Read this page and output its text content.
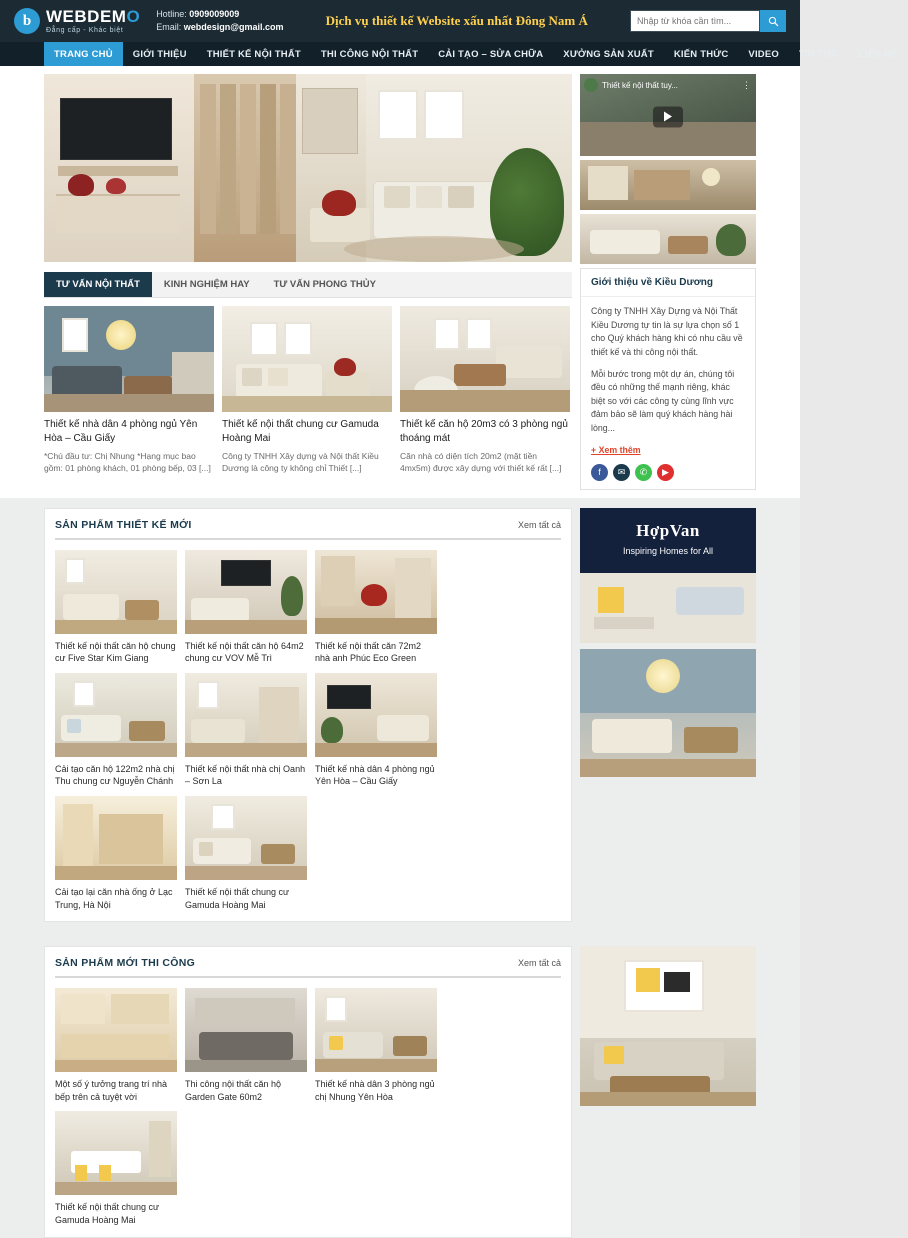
b WEBDEMO
Đẳng cấp - Khác biệt
Hotline: 0909009009
Email: webdesign@gmail.com	Dịch vụ thiết kế Website xấu nhất Đông Nam Á
Nhập từ khóa cần tìm...
TRANG CHỦ	GIỚI THIỆU	THIẾT KẾ NỘI THẤT	THI CÔNG NỘI THẤT	CẢI TẠO – SỬA CHỮA	XƯỞNG SẢN XUẤT	KIẾN THỨC	VIDEO	TIN TỨC	LIÊN HỆ
TƯ VẤN NỘI THẤT	KINH NGHIỆM HAY	TƯ VẤN PHONG THỦY
Thiết kế nhà dân 4 phòng ngủ Yên Hòa – Cầu Giấy

*Chú đầu tư: Chị Nhung *Hạng mục bao gồm: 01 phòng khách, 01 phòng bếp, 03 [...]

Thiết kế nội thất chung cư Gamuda Hoàng Mai

Công ty TNHH Xây dựng và Nội thất Kiều Dương là công ty không chỉ Thiết [...]

Thiết kế căn hộ 20m3 có 3 phòng ngủ thoáng mát

Căn nhà có diện tích 20m2 (mặt tiền 4mx5m) được xây dựng với thiết kế rất [...]

Thiết kế nội thất tuy...	⋮
Giới thiệu về Kiều Dương

Công ty TNHH Xây Dựng và Nội Thất Kiều Dương tự tin là sự lựa chọn số 1 cho Quý khách hàng khi có nhu cầu về thiết kế và thi công nội thất.

Mỗi bước trong một dự án, chúng tôi đều có những thế mạnh riêng, khác biệt so với các công ty cùng lĩnh vực đảm bảo sẽ làm quý khách hàng hài lòng...

+ Xem thêm
f	✉	✆	▶
SẢN PHẨM THIẾT KẾ MỚI	Xem tất cả
Thiết kế nội thất căn hộ chung cư Five Star Kim Giang
Thiết kế nội thất căn hộ 64m2 chung cư VOV Mễ Trì
Thiết kế nội thất căn 72m2 nhà anh Phúc Eco Green
Cải tạo căn hộ 122m2 nhà chị Thu chung cư Nguyễn Chánh
Thiết kế nội thất nhà chị Oanh – Sơn La
Thiết kế nhà dân 4 phòng ngủ Yên Hòa – Cầu Giấy
Cải tạo lại căn nhà ống ở Lạc Trung, Hà Nội
Thiết kế nội thất chung cư Gamuda Hoàng Mai
HợpVan
Inspiring Homes for All
SẢN PHẨM MỚI THI CÔNG	Xem tất cả
Một số ý tưởng trang trí nhà bếp trên cả tuyệt vời
Thi công nội thất căn hộ Garden Gate 60m2
Thiết kế nhà dân 3 phòng ngủ chị Nhung Yên Hòa
Thiết kế nội thất chung cư Gamuda Hoàng Mai
